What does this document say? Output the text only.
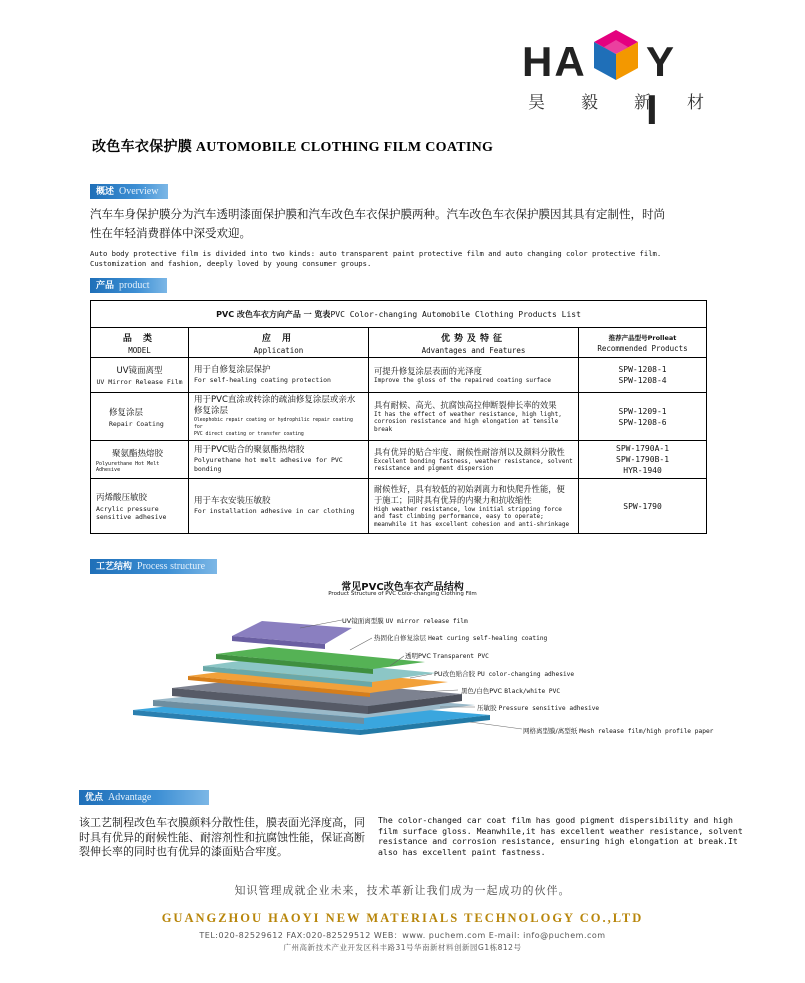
HA Y I
昊 毅 新 材
改色车衣保护膜 AUTOMOBILE CLOTHING FILM COATING
概述 Overview
汽车车身保护膜分为汽车透明漆面保护膜和汽车改色车衣保护膜两种。汽车改色车衣保护膜因其具有定制性，时尚
性在年轻消费群体中深受欢迎。
Auto body protective film is divided into two kinds: auto transparent paint protective film and auto changing color protective film.
Customization and fashion, deeply loved by young consumer groups.
产品 product
PVC 改色车衣方向产品 一 览表PVC Color-changing Automobile Clothing Products List			

品 类
MODEL	应 用
Application	优势及特征
Advantages and Features	推荐产品型号Prolleat
Recommended Products

UV镜面离型
UV Mirror Release Film	用于自修复涂层保护
For self-healing coating protection	可提升修复涂层表面的光泽度
Improve the gloss of the repaired coating surface	SPW-1208-1
SPW-1208-4

修复涂层
Repair Coating	用于PVC直涂或转涂的疏油修复涂层或亲水修复涂层
Oleophobic repair coating or hydrophilic repair coating for
PVC direct coating or transfer coating	具有耐候、高光、抗腐蚀高拉伸断裂伸长率的效果
It has the effect of weather resistance, high light, corrosion resistance and high elongation at tensile break	SPW-1209-1
SPW-1208-6

聚氨酯热熔胶
Polyurethane Hot Melt Adhesive	用于PVC贴合的聚氨酯热熔胶
Polyurethane hot melt adhesive for PVC bonding	具有优异的贴合牢度、耐候性耐溶剂以及颜料分散性
Excellent bonding fastness, weather resistance, solvent resistance and pigment dispersion	SPW-1790A-1
SPW-1790B-1
HYR-1940

丙烯酸压敏胶
Acrylic pressure sensitive adhesive	用于车衣安装压敏胶
For installation adhesive in car clothing	耐候性好，具有较低的初始剥离力和快爬升性能，便于施工；同时具有优异的内聚力和抗收缩性
High weather resistance, low initial stripping force and fast climbing performance, easy to operate; meanwhile it has excellent cohesion and anti-shrinkage	SPW-1790
工艺结构 Process structure
常见PVC改色车衣产品结构
Product Structure of PVC Color-changing Clothing Film
UV镜面离型膜 UV mirror release film
热固化自修复涂层 Heat curing self-healing coating
透明PVC Transparent PVC
PU改色贴合胶 PU color-changing adhesive
黑色/白色PVC Black/white PVC
压敏胶 Pressure sensitive adhesive
网格离型膜/离型纸 Mesh release film/high profile paper
优点 Advantage
该工艺制程改色车衣膜颜料分散性佳，膜表面光泽度高，同时具有优异的耐候性能、耐溶剂性和抗腐蚀性能，保证高断裂伸长率的同时也有优异的漆面贴合牢度。
The color-changed car coat film has good pigment dispersibility and high film surface gloss. Meanwhile,it has excellent weather resistance, solvent resistance and corrosion resistance, ensuring high elongation at break.It also has excellent paint fastness.
知识管理成就企业未来，技术革新让我们成为一起成功的伙伴。
GUANGZHOU HAOYI NEW MATERIALS TECHNOLOGY CO.,LTD
TEL:020-82529612 FAX:020-82529512 WEB：www. puchem.com E-mail: info@puchem.com
广州高新技术产业开发区科丰路31号华南新材料创新园G1栋812号
